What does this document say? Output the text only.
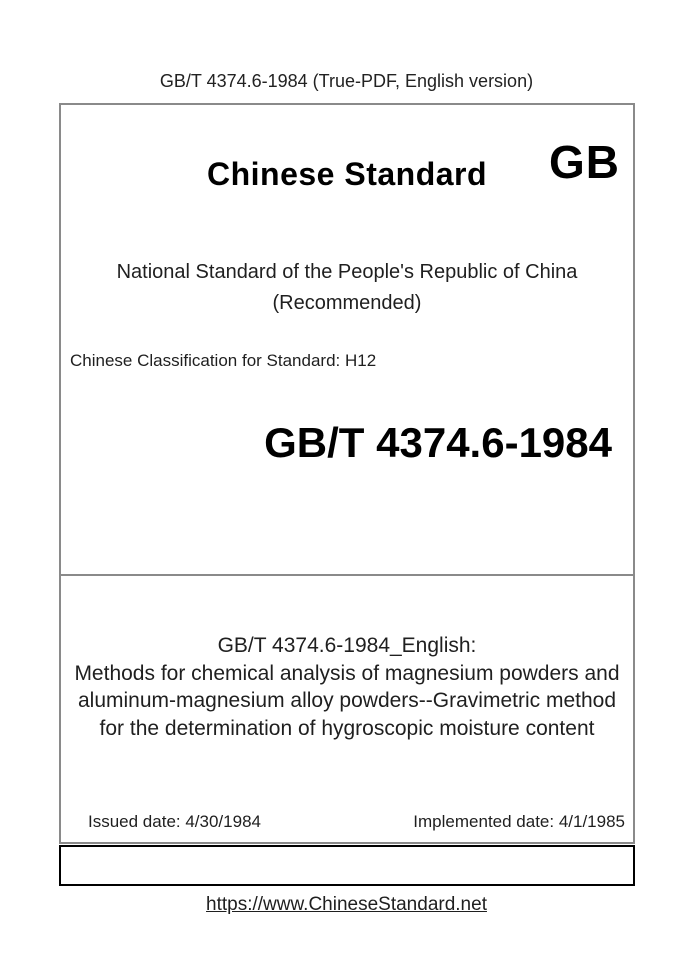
GB/T 4374.6-1984 (True-PDF, English version)
Chinese Standard	GB
National Standard of the People's Republic of China
(Recommended)
Chinese Classification for Standard: H12
GB/T 4374.6-1984
GB/T 4374.6-1984_English:
Methods for chemical analysis of magnesium powders and
aluminum-magnesium alloy powders--Gravimetric method
for the determination of hygroscopic moisture content
Issued date: 4/30/1984	Implemented date: 4/1/1985
https://www.ChineseStandard.net
